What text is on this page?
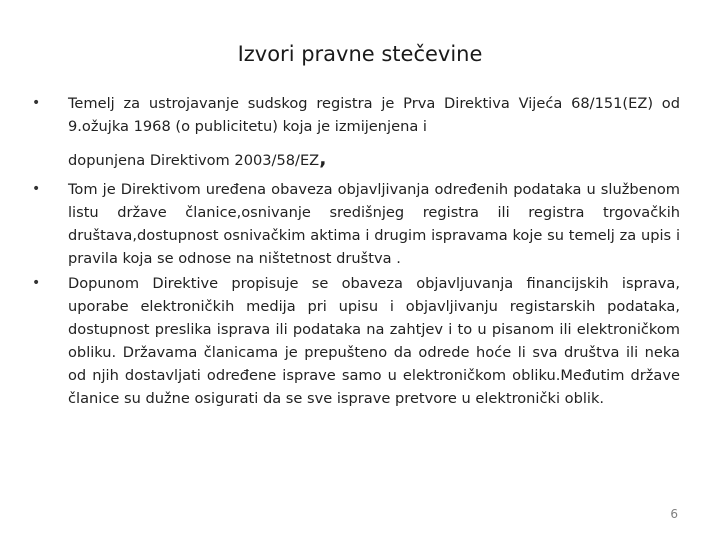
Izvori pravne stečevine
•	Temelj za ustrojavanje sudskog registra je Prva Direktiva Vijeća 68/151(EZ) od 9.ožujka 1968 (o publicitetu) koja je izmijenjena i

dopunjena Direktivom 2003/58/EZ,
•	Tom je Direktivom uređena obaveza objavljivanja određenih podataka u službenom listu države članice,osnivanje središnjeg registra ili registra trgovačkih društava,dostupnost osnivačkim aktima i drugim ispravama koje su temelj za upis i pravila koja se odnose na ništetnost društva .

•	Dopunom Direktive propisuje se obaveza objavljuvanja financijskih isprava, uporabe elektroničkih medija pri upisu i objavljivanju registarskih podataka, dostupnost preslika isprava ili podataka na zahtjev i to u pisanom ili elektroničkom obliku. Državama članicama je prepušteno da odrede hoće li sva društva ili neka od njih dostavljati određene isprave samo u elektroničkom obliku.Međutim države članice su dužne osigurati da se sve isprave pretvore u elektronički oblik.

6
